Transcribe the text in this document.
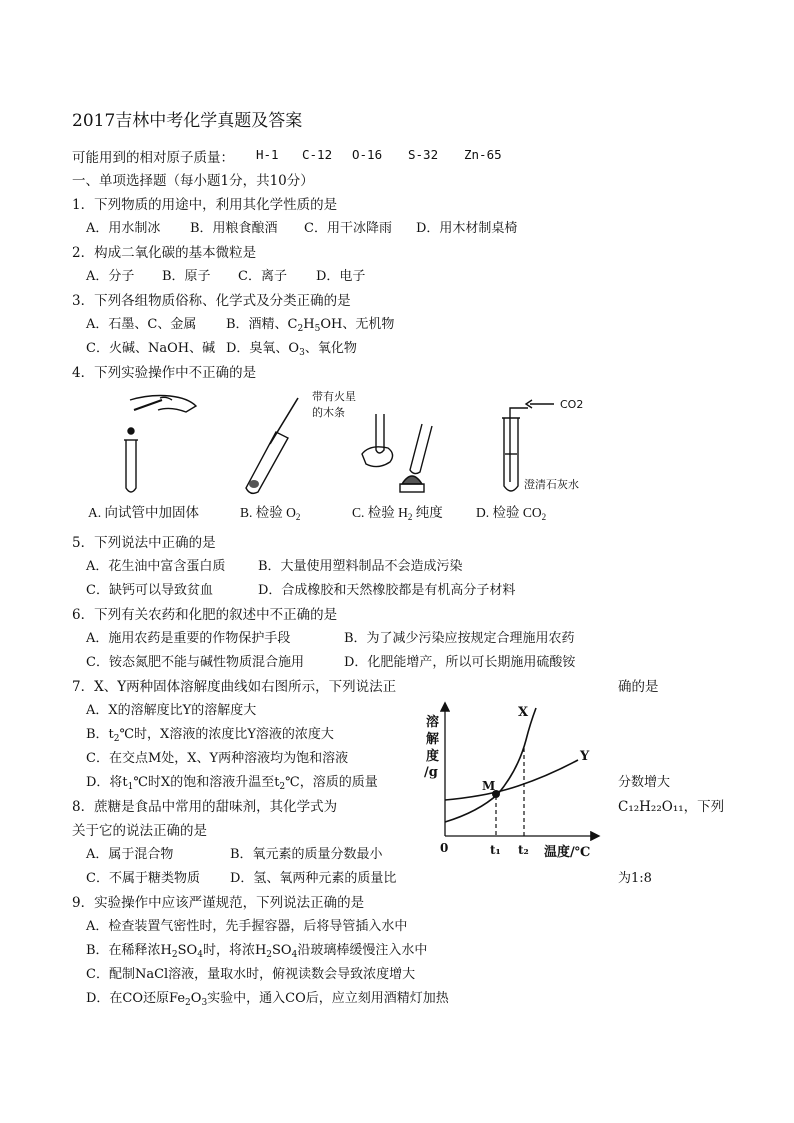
2017吉林中考化学真题及答案
可能用到的相对原子质量： H-1 C-12 O-16 S-32 Zn-65
一、单项选择题（每小题1分，共10分）
1．下列物质的用途中，利用其化学性质的是
A．用水制冰 B．用粮食酿酒 C．用干冰降雨 D．用木材制桌椅
2．构成二氧化碳的基本微粒是
A．分子 B．原子 C．离子 D．电子
3．下列各组物质俗称、化学式及分类正确的是
A．石墨、C、金属 B．酒精、$C_2H_5OH$、无机物
C．火碱、NaOH、碱 D．臭氧、$O_3$、氧化物
4．下列实验操作中不正确的是
带有火星
的木条
CO2
澄清石灰水
A. 向试管中加固体	B. 检验 $O_2$	C. 检验 $H_2$ 纯度 D. 检验 $CO_2$
5．下列说法中正确的是
A．花生油中富含蛋白质	B．大量使用塑料制品不会造成污染
C．缺钙可以导致贫血	D．合成橡胶和天然橡胶都是有机高分子材料
6．下列有关农药和化肥的叙述中不正确的是
A．施用农药是重要的作物保护手段	B．为了减少污染应按规定合理施用农药
C．铵态氮肥不能与碱性物质混合施用	D．化肥能增产，所以可长期施用硫酸铵
7．X、Y两种固体溶解度曲线如右图所示，下列说法正	确的是
A．X的溶解度比Y的溶解度大
B．$t_2℃$时，X溶液的浓度比Y溶液的浓度大
C．在交点M处，X、Y两种溶液均为饱和溶液
D．将$t_1℃$时X的饱和溶液升温至$t_2℃$，溶质的质量	分数增大
8．蔗糖是食品中常用的甜味剂，其化学式为	C₁₂H₂₂O₁₁，下列
关于它的说法正确的是
A．属于混合物	B．氧元素的质量分数最小
C．不属于糖类物质 D．氢、氧两种元素的质量比	为1:8
溶
解
度
/g
X
Y
M
0	t₁ t₂ 温度/℃
9．实验操作中应该严谨规范，下列说法正确的是
A．检查装置气密性时，先手握容器，后将导管插入水中
B．在稀释浓$H_2SO_4$时，将浓$H_2SO_4$沿玻璃棒缓慢注入水中
C．配制NaCl溶液，量取水时，俯视读数会导致浓度增大
D．在CO还原$Fe_2O_3$实验中，通入CO后，应立刻用酒精灯加热
